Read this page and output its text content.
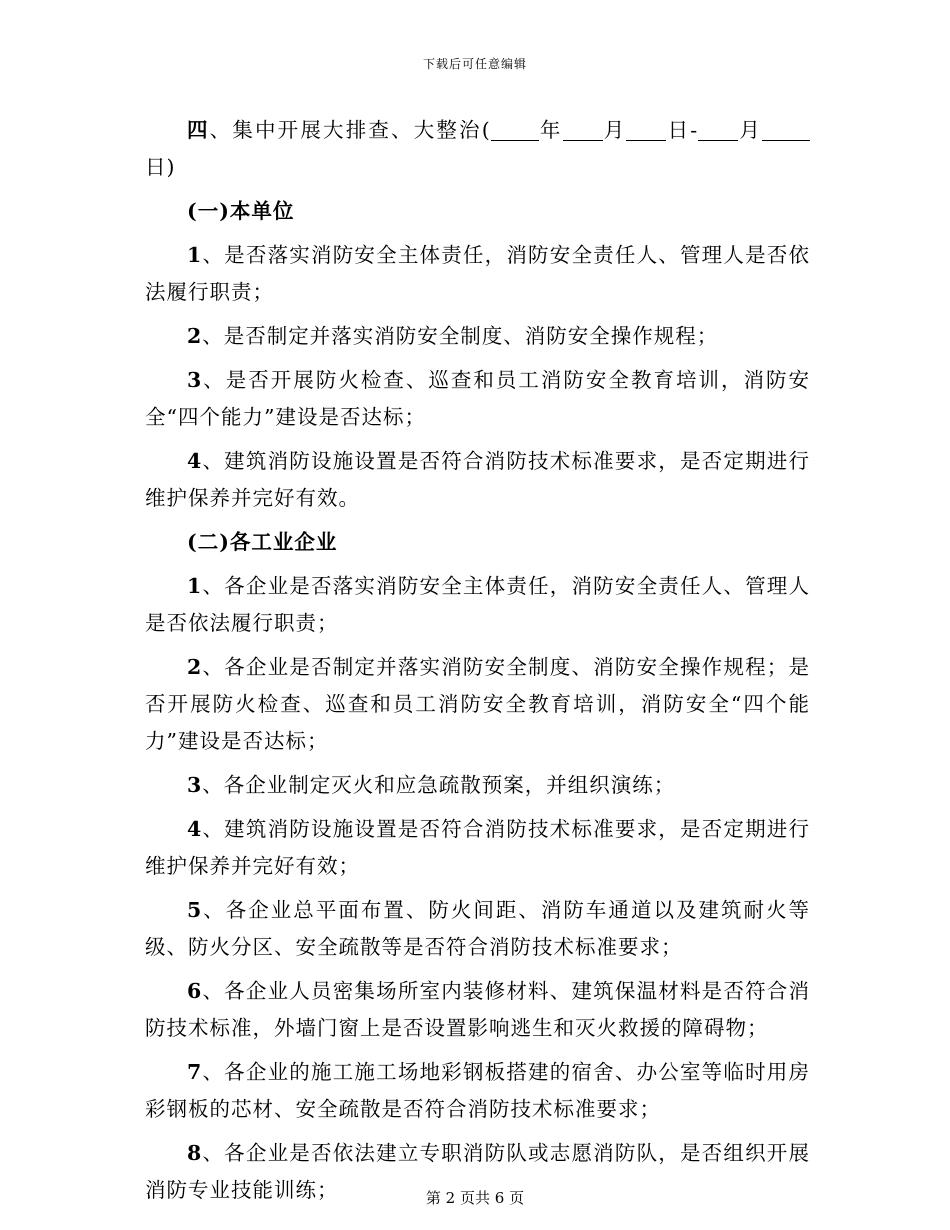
下载后可任意编辑

四、集中开展大排查、大整治( 年 月 日- 月日)

(一)本单位

1、是否落实消防安全主体责任，消防安全责任人、管理人是否依法履行职责；

2、是否制定并落实消防安全制度、消防安全操作规程；

3、是否开展防火检查、巡查和员工消防安全教育培训，消防安全“四个能力”建设是否达标；

4、建筑消防设施设置是否符合消防技术标准要求，是否定期进行维护保养并完好有效。

(二)各工业企业

1、各企业是否落实消防安全主体责任，消防安全责任人、管理人是否依法履行职责；

2、各企业是否制定并落实消防安全制度、消防安全操作规程；是否开展防火检查、巡查和员工消防安全教育培训，消防安全“四个能力”建设是否达标；

3、各企业制定灭火和应急疏散预案，并组织演练；

4、建筑消防设施设置是否符合消防技术标准要求，是否定期进行维护保养并完好有效；

5、各企业总平面布置、防火间距、消防车通道以及建筑耐火等级、防火分区、安全疏散等是否符合消防技术标准要求；

6、各企业人员密集场所室内装修材料、建筑保温材料是否符合消防技术标准，外墙门窗上是否设置影响逃生和灭火救援的障碍物；

7、各企业的施工施工场地彩钢板搭建的宿舍、办公室等临时用房彩钢板的芯材、安全疏散是否符合消防技术标准要求；

8、各企业是否依法建立专职消防队或志愿消防队，是否组织开展消防专业技能训练；	第 2 页共 6 页
